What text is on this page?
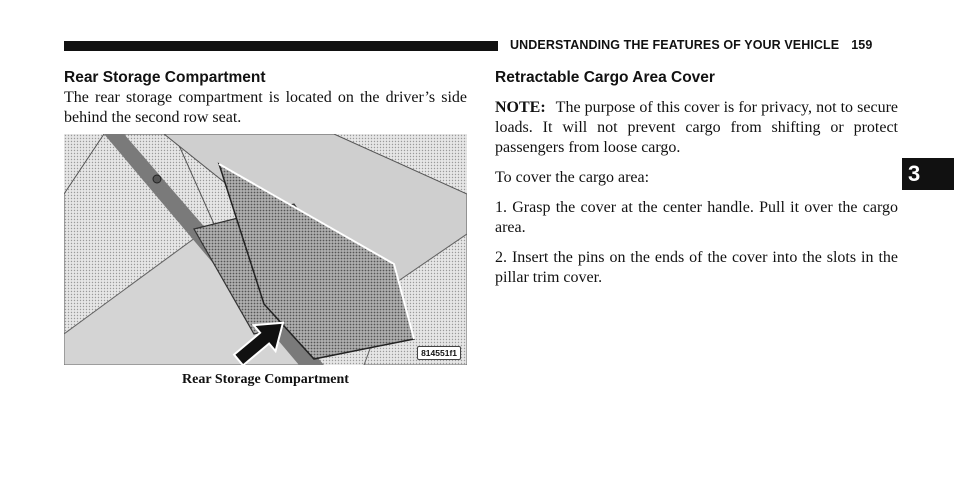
UNDERSTANDING THE FEATURES OF YOUR VEHICLE 159
3
Rear Storage Compartment

The rear storage compartment is located on the driver’s side behind the second row seat.

814551f1
Rear Storage Compartment
Retractable Cargo Area Cover

NOTE: The purpose of this cover is for privacy, not to secure loads. It will not prevent cargo from shifting or protect passengers from loose cargo.

To cover the cargo area:

1. Grasp the cover at the center handle. Pull it over the cargo area.

2. Insert the pins on the ends of the cover into the slots in the pillar trim cover.
